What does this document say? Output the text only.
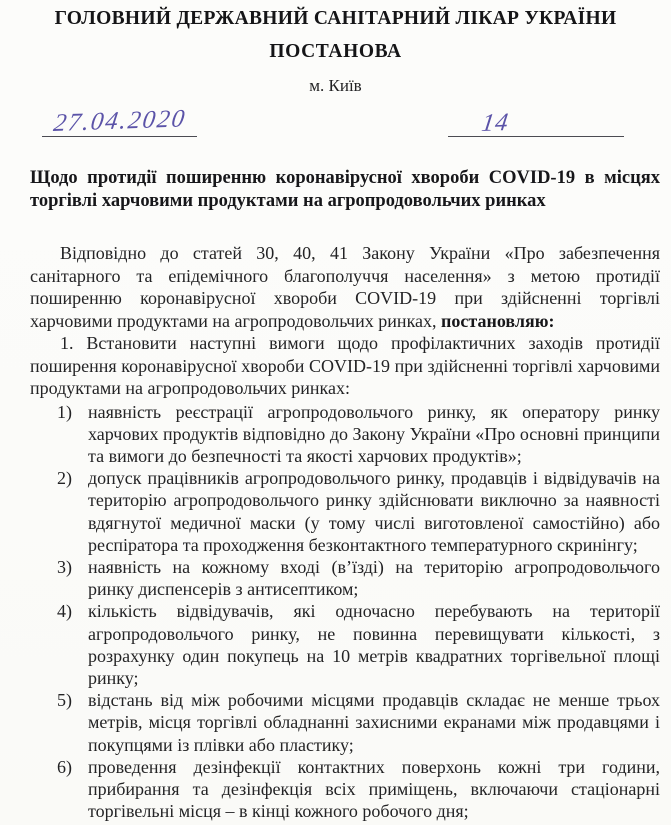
ГОЛОВНИЙ ДЕРЖАВНИЙ САНІТАРНИЙ ЛІКАР УКРАЇНИ
ПОСТАНОВА
м. Київ
27.04.2020	14
Щодо протидії поширенню коронавірусної хвороби COVID-19 в місцях торгівлі харчовими продуктами на агропродовольчих ринках

Відповідно до статей 30, 40, 41 Закону України «Про забезпечення санітарного та епідемічного благополуччя населення» з метою протидії поширенню коронавірусної хвороби COVID-19 при здійсненні торгівлі харчовими продуктами на агропродовольчих ринках, постановляю:

1. Встановити наступні вимоги щодо профілактичних заходів протидії поширення коронавірусної хвороби COVID-19 при здійсненні торгівлі харчовими продуктами на агропродовольчих ринках:

1) наявність реєстрації агропродовольчого ринку, як оператору ринку харчових продуктів відповідно до Закону України «Про основні принципи та вимоги до безпечності та якості харчових продуктів»;
2) допуск працівників агропродовольчого ринку, продавців і відвідувачів на територію агропродовольчого ринку здійснювати виключно за наявності вдягнутої медичної маски (у тому числі виготовленої самостійно) або респіратора та проходження безконтактного температурного скринінгу;
3) наявність на кожному вході (в’їзді) на територію агропродовольчого ринку диспенсерів з антисептиком;
4) кількість відвідувачів, які одночасно перебувають на території агропродовольчого ринку, не повинна перевищувати кількості, з розрахунку один покупець на 10 метрів квадратних торгівельної площі ринку;
5) відстань від між робочими місцями продавців складає не менше трьох метрів, місця торгівлі обладнанні захисними екранами між продавцями і покупцями із плівки або пластику;
6) проведення дезінфекції контактних поверхонь кожні три години, прибирання та дезінфекція всіх приміщень, включаючи стаціонарні торгівельні місця – в кінці кожного робочого дня;
